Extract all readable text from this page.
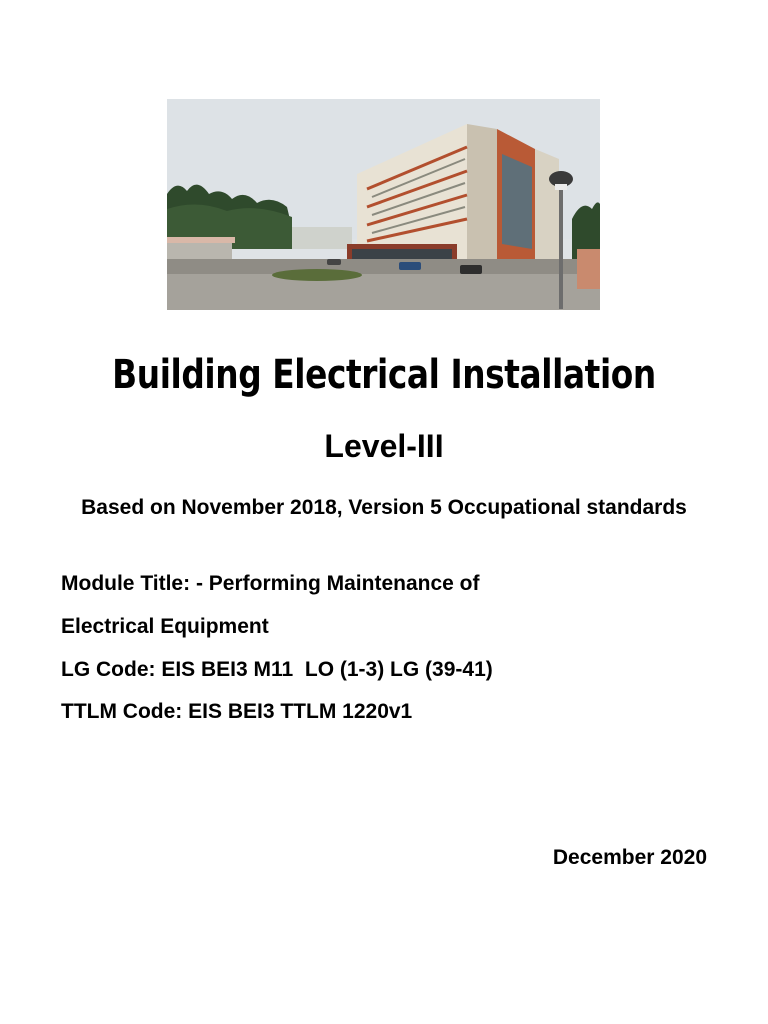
Building Electrical Installation
Level-III
Based on November 2018, Version 5 Occupational standards
Module Title: - Performing Maintenance of
Electrical Equipment
LG Code: EIS BEI3 M11  LO (1-3) LG (39-41)
TTLM Code: EIS BEI3 TTLM 1220v1
December 2020
